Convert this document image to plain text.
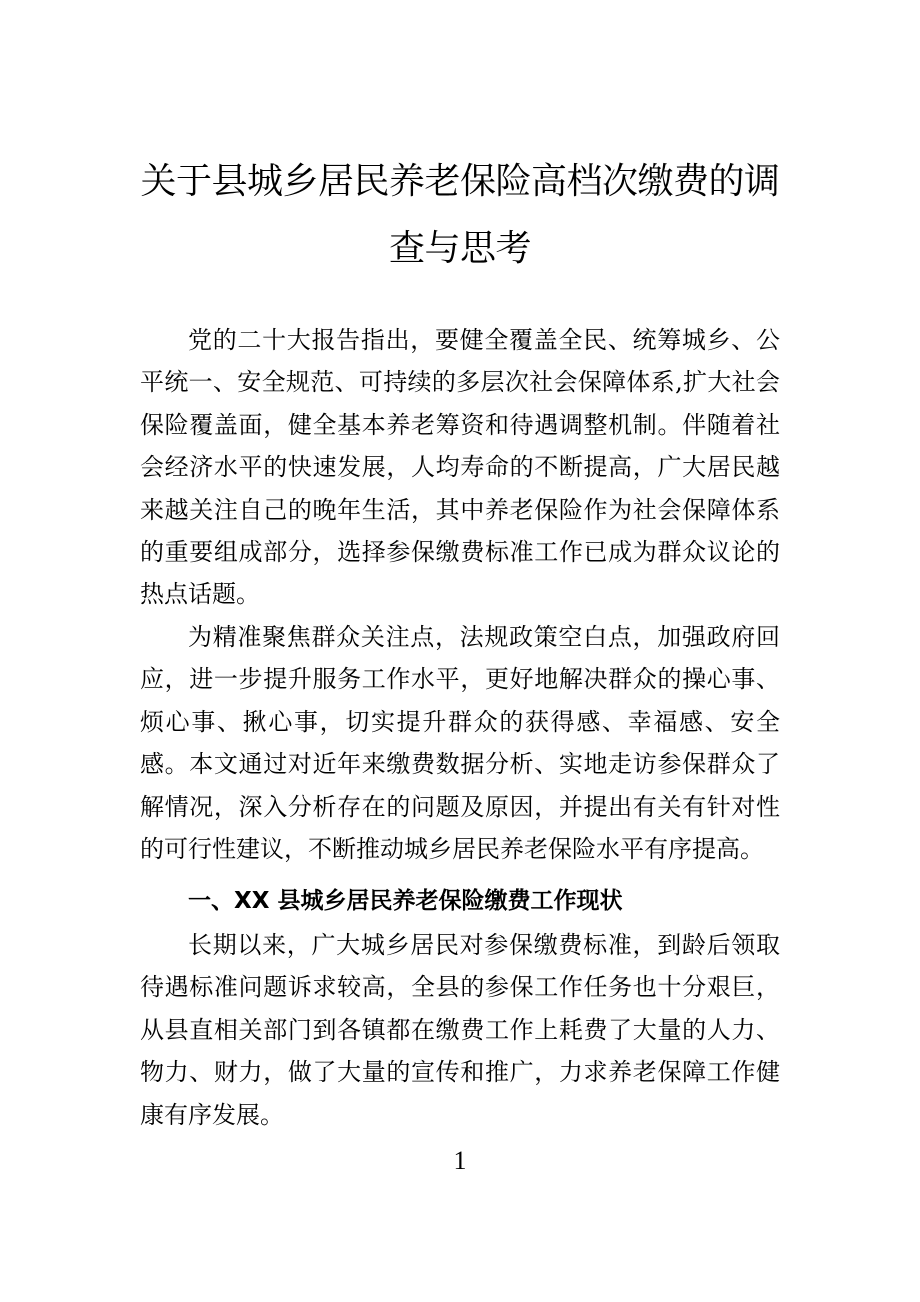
关于县城乡居民养老保险高档次缴费的调
查与思考

党的二十大报告指出，要健全覆盖全民、统筹城乡、公平统一、安全规范、可持续的多层次社会保障体系,扩大社会保险覆盖面，健全基本养老筹资和待遇调整机制。伴随着社会经济水平的快速发展，人均寿命的不断提高，广大居民越来越关注自己的晚年生活，其中养老保险作为社会保障体系的重要组成部分，选择参保缴费标准工作已成为群众议论的热点话题。

为精准聚焦群众关注点，法规政策空白点，加强政府回应，进一步提升服务工作水平，更好地解决群众的操心事、烦心事、揪心事，切实提升群众的获得感、幸福感、安全感。本文通过对近年来缴费数据分析、实地走访参保群众了解情况，深入分析存在的问题及原因，并提出有关有针对性的可行性建议，不断推动城乡居民养老保险水平有序提高。

一、XX 县城乡居民养老保险缴费工作现状

长期以来，广大城乡居民对参保缴费标准，到龄后领取待遇标准问题诉求较高，全县的参保工作任务也十分艰巨，从县直相关部门到各镇都在缴费工作上耗费了大量的人力、物力、财力，做了大量的宣传和推广，力求养老保障工作健康有序发展。

1
